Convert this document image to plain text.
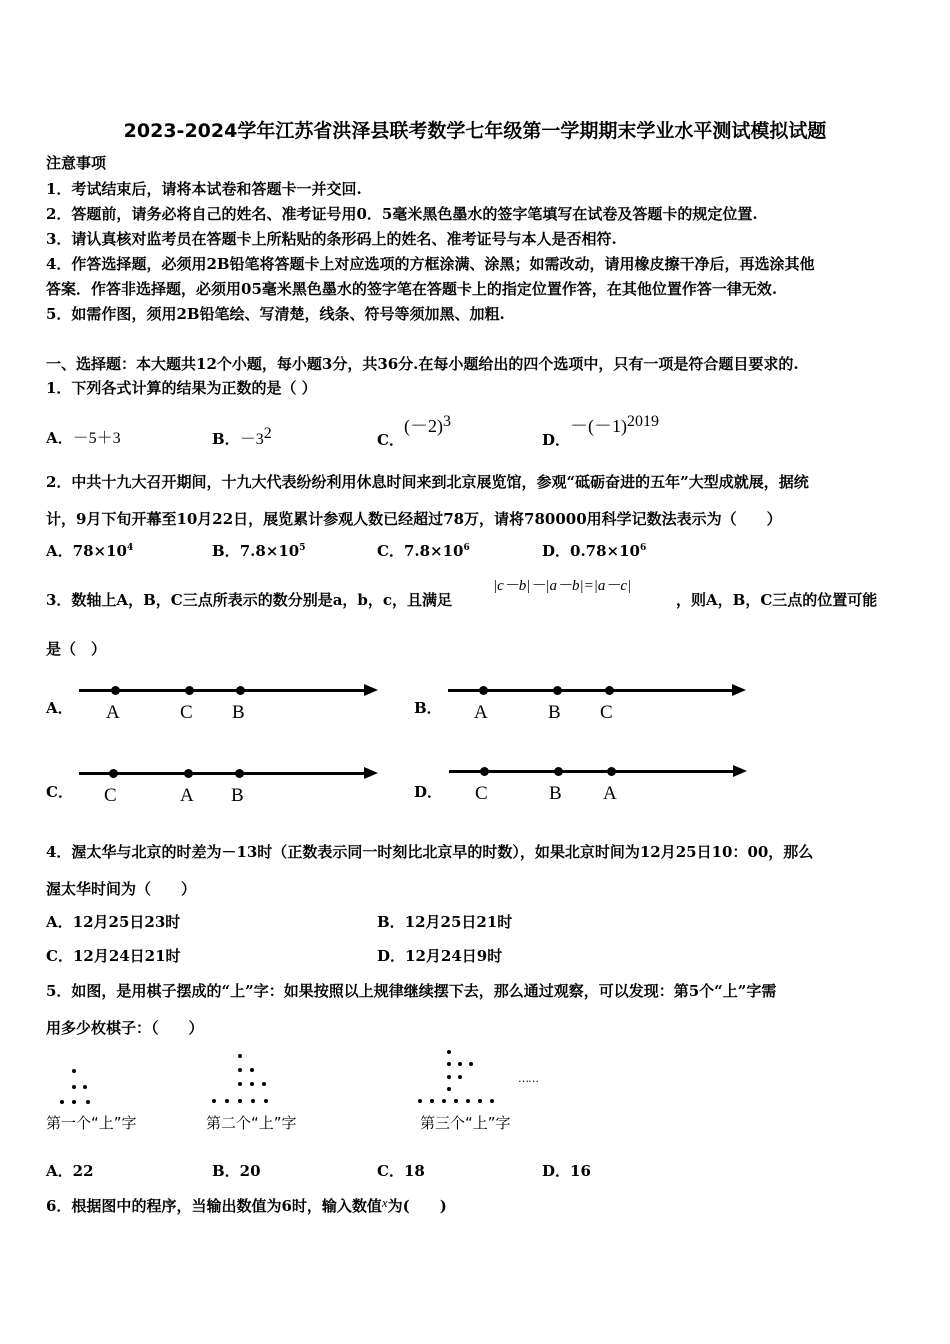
2023-2024学年江苏省洪泽县联考数学七年级第一学期期末学业水平测试模拟试题
注意事项
1．考试结束后，请将本试卷和答题卡一并交回.
2．答题前，请务必将自己的姓名、准考证号用0．5毫米黑色墨水的签字笔填写在试卷及答题卡的规定位置.
3．请认真核对监考员在答题卡上所粘贴的条形码上的姓名、准考证号与本人是否相符.
4．作答选择题，必须用2B铅笔将答题卡上对应选项的方框涂满、涂黑；如需改动，请用橡皮擦干净后，再选涂其他
答案．作答非选择题，必须用05毫米黑色墨水的签字笔在答题卡上的指定位置作答，在其他位置作答一律无效.
5．如需作图，须用2B铅笔绘、写清楚，线条、符号等须加黑、加粗.
一、选择题：本大题共12个小题，每小题3分，共36分.在每小题给出的四个选项中，只有一项是符合题目要求的.
1．下列各式计算的结果为正数的是（ ）
A．－5＋3	B．$-3^2$	C．$(-2)^3$
D．$-(-1)^{2019}$
2．中共十九大召开期间，十九大代表纷纷利用休息时间来到北京展览馆，参观“砥砺奋进的五年”大型成就展，据统
计，9月下旬开幕至10月22日，展览累计参观人数已经超过78万，请将780000用科学记数法表示为（　　）
A．$78\times 10^4$	B．$7.8\times 10^5$	C．$7.8\times 10^6$	D．$0.78\times 10^6$
3．数轴上A，B，C三点所表示的数分别是a，b，c，且满足
|c－b|－|a－b|=|a－c|
，则A，B，C三点的位置可能
是（　）
A． A	C B	B． A	B C
C． C	A B	D． C	B A
4．渥太华与北京的时差为－13时（正数表示同一时刻比北京早的时数），如果北京时间为12月25日10：00，那么
渥太华时间为（　　）
A．12月25日23时	B．12月25日21时
C．12月24日21时	D．12月24日9时
5．如图，是用棋子摆成的“上”字：如果按照以上规律继续摆下去，那么通过观察，可以发现：第5个“上”字需
用多少枚棋子：（　　）
第一个“上”字	第二个“上”字	第三个“上”字
……
A．22	B．20	C．18	D．16
6．根据图中的程序，当输出数值为6时，输入数值x为(　　)
